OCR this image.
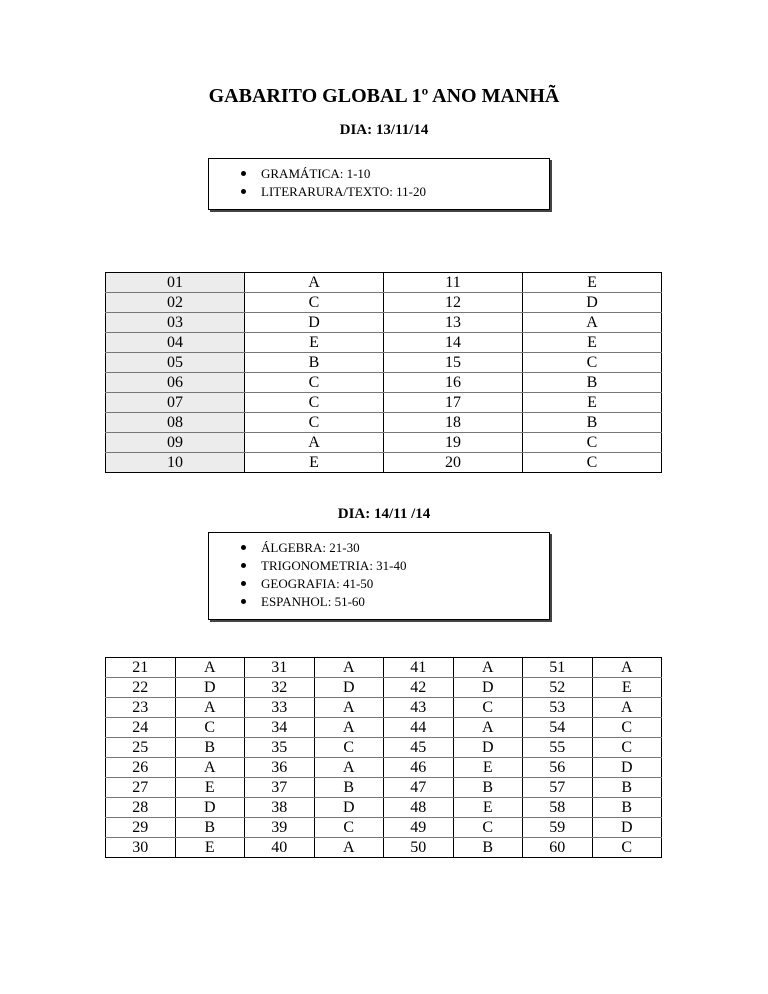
GABARITO GLOBAL 1º ANO MANHÃ
DIA: 13/11/14
GRAMÁTICA: 1-10
LITERARURA/TEXTO: 11-20
01	A	11	E
02	C	12	D
03	D	13	A
04	E	14	E
05	B	15	C
06	C	16	B
07	C	17	E
08	C	18	B
09	A	19	C
10	E	20	C
DIA: 14/11 /14
ÁLGEBRA: 21-30
TRIGONOMETRIA: 31-40
GEOGRAFIA: 41-50
ESPANHOL: 51-60
21	A	31	A	41	A	51	A
22	D	32	D	42	D	52	E
23	A	33	A	43	C	53	A
24	C	34	A	44	A	54	C
25	B	35	C	45	D	55	C
26	A	36	A	46	E	56	D
27	E	37	B	47	B	57	B
28	D	38	D	48	E	58	B
29	B	39	C	49	C	59	D
30	E	40	A	50	B	60	C
